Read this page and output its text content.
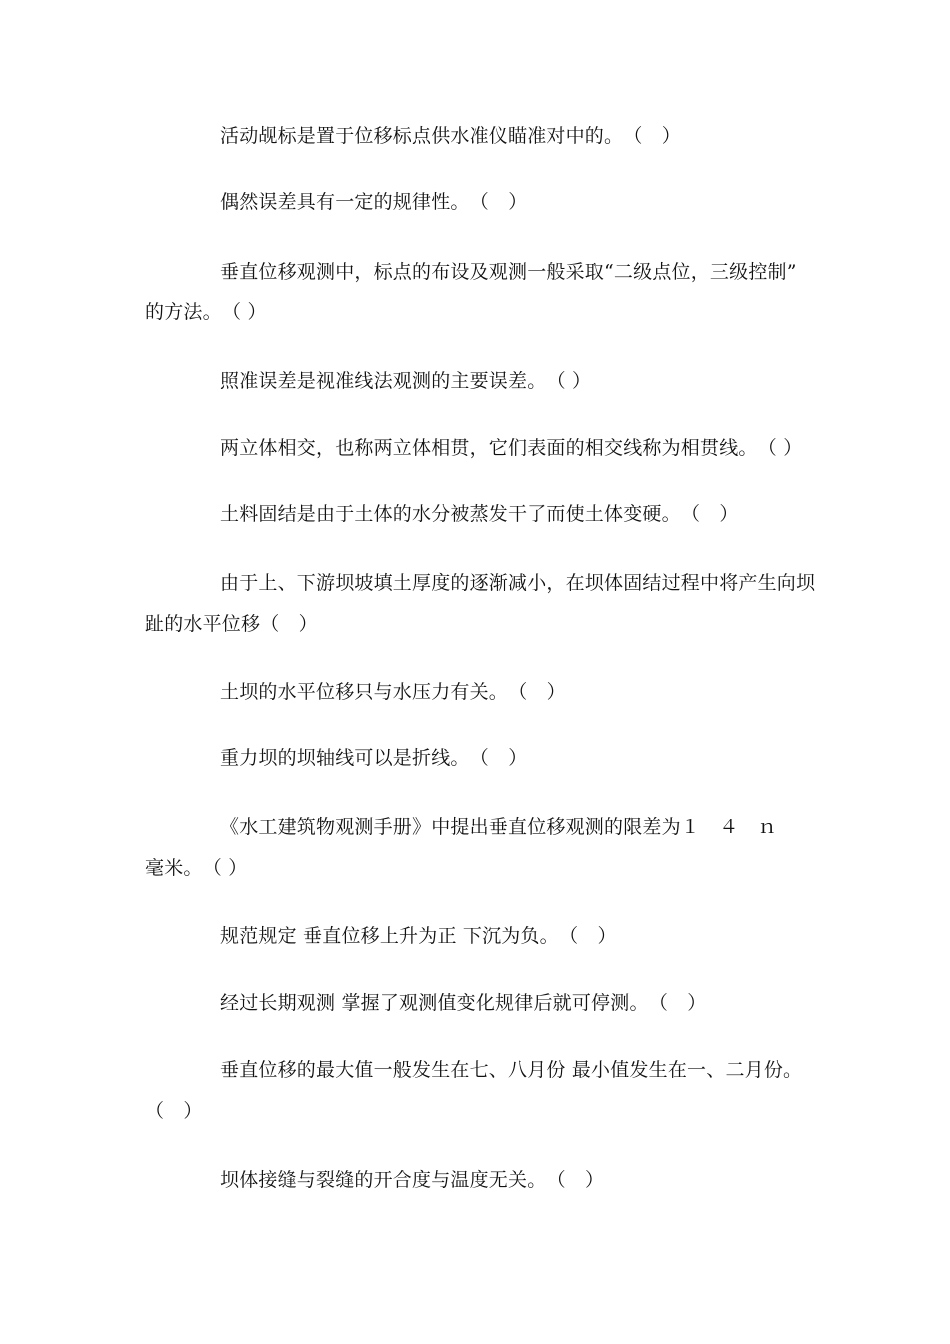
活动觇标是置于位移标点供水准仪瞄准对中的。　（　）
偶然误差具有一定的规律性。　（　）
垂直位移观测中，标点的布设及观测一般采取“二级点位，三级控制”
的方法。　（ ）
照准误差是视准线法观测的主要误差。　（ ）
两立体相交，也称两立体相贯，它们表面的相交线称为相贯线。　（ ）
土料固结是由于土体的水分被蒸发干了而使土体变硬。　（　）
由于上、下游坝坡填土厚度的逐渐减小，在坝体固结过程中将产生向坝
趾的水平位移（　）
土坝的水平位移只与水压力有关。　（　）
重力坝的坝轴线可以是折线。　（　）
《水工建筑物观测手册》中提出垂直位移观测的限差为１　４　ｎ
毫米。　（ ）
规范规定 垂直位移上升为正 下沉为负。　（　）
经过长期观测 掌握了观测值变化规律后就可停测。　（　）
垂直位移的最大值一般发生在七、八月份 最小值发生在一、二月份。
（　）
坝体接缝与裂缝的开合度与温度无关。　（　）
